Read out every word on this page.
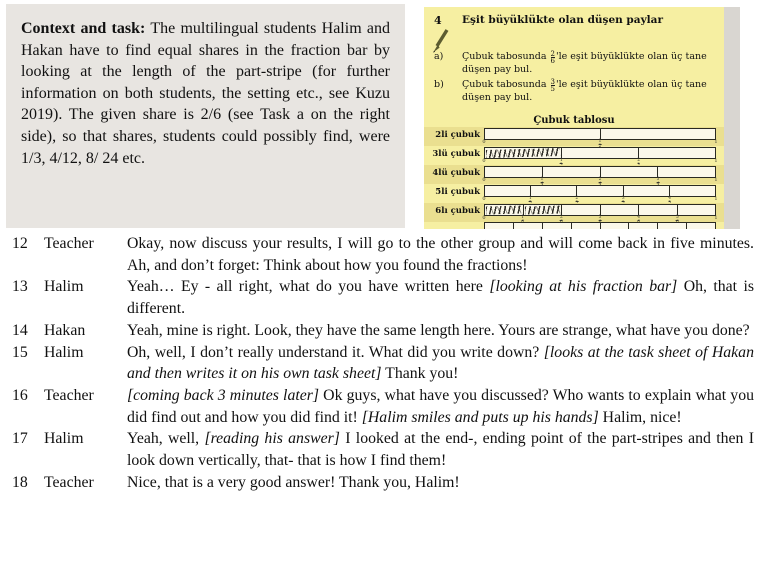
Context and task: The multilingual students Halim and Hakan have to find equal shares in the fraction bar by looking at the length of the part-stripe (for further information on both students, the setting etc., see Kuzu 2019). The given share is 2/6 (see Task a on the right side), so that shares, students could possibly find, were 1/3, 4/12, 8/ 24 etc.

4 Eşit büyüklükte olan düşen paylar
a) Çubuk tabosunda $\frac{2}{6}$ 'le eşit büyüklükte olan üç tane düşen pay bul.
b) Çubuk tabosunda $\frac{3}{5}$ 'le eşit büyüklükte olan üç tane düşen pay bul.
Çubuk tablosu
2li çubuk
0	1	1
3lü çubuk
0	1	2	1
4lü çubuk
0	1	2	3	1
5li çubuk
0	1	2	3	4	1
6lı çubuk
0	1	2	3	4	5	1
12	Teacher	Okay, now discuss your results, I will go to the other group and will come back in five minutes. Ah, and don’t forget: Think about how you found the fractions!
13	Halim	Yeah… Ey - all right, what do you have written here [looking at his fraction bar] Oh, that is different.
14	Hakan	Yeah, mine is right. Look, they have the same length here. Yours are strange, what have you done?
15	Halim	Oh, well, I don’t really understand it. What did you write down? [looks at the task sheet of Hakan and then writes it on his own task sheet] Thank you!
16	Teacher	[coming back 3 minutes later] Ok guys, what have you discussed? Who wants to explain what you did find out and how you did find it! [Halim smiles and puts up his hands] Halim, nice!
17	Halim	Yeah, well, [reading his answer] I looked at the end-, ending point of the part-stripes and then I look down vertically, that- that is how I find them!
18	Teacher	Nice, that is a very good answer! Thank you, Halim!
